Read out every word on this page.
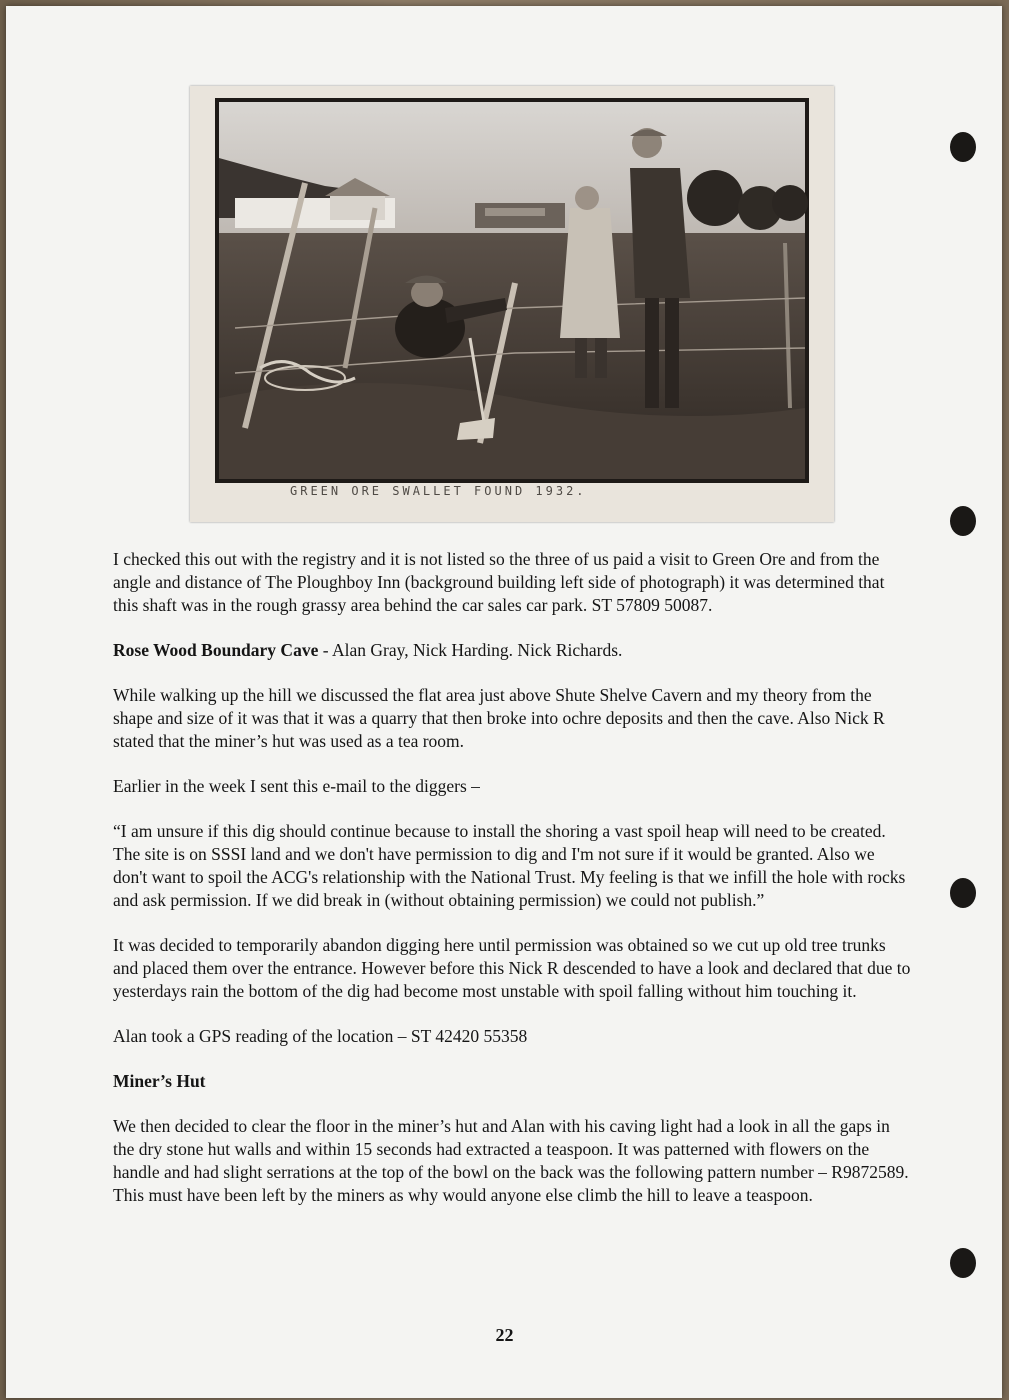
GREEN ORE SWALLET FOUND 1932.

I checked this out with the registry and it is not listed so the three of us paid a visit to Green Ore and from the angle and distance of The Ploughboy Inn (background building left side of photograph) it was determined that this shaft was in the rough grassy area behind the car sales car park. ST 57809 50087.

Rose Wood Boundary Cave - Alan Gray, Nick Harding. Nick Richards.

While walking up the hill we discussed the flat area just above Shute Shelve Cavern and my theory from the shape and size of it was that it was a quarry that then broke into ochre deposits and then the cave. Also Nick R stated that the miner’s hut was used as a tea room.

Earlier in the week I sent this e-mail to the diggers –

“I am unsure if this dig should continue because to install the shoring a vast spoil heap will need to be created. The site is on SSSI land and we don't have permission to dig and I'm not sure if it would be granted. Also we don't want to spoil the ACG's relationship with the National Trust. My feeling is that we infill the hole with rocks and ask permission. If we did break in (without obtaining permission) we could not publish.”

It was decided to temporarily abandon digging here until permission was obtained so we cut up old tree trunks and placed them over the entrance. However before this Nick R descended to have a look and declared that due to yesterdays rain the bottom of the dig had become most unstable with spoil falling without him touching it.

Alan took a GPS reading of the location – ST 42420 55358

Miner’s Hut

We then decided to clear the floor in the miner’s hut and Alan with his caving light had a look in all the gaps in the dry stone hut walls and within 15 seconds had extracted a teaspoon. It was patterned with flowers on the handle and had slight serrations at the top of the bowl on the back was the following pattern number – R9872589. This must have been left by the miners as why would anyone else climb the hill to leave a teaspoon.

22
